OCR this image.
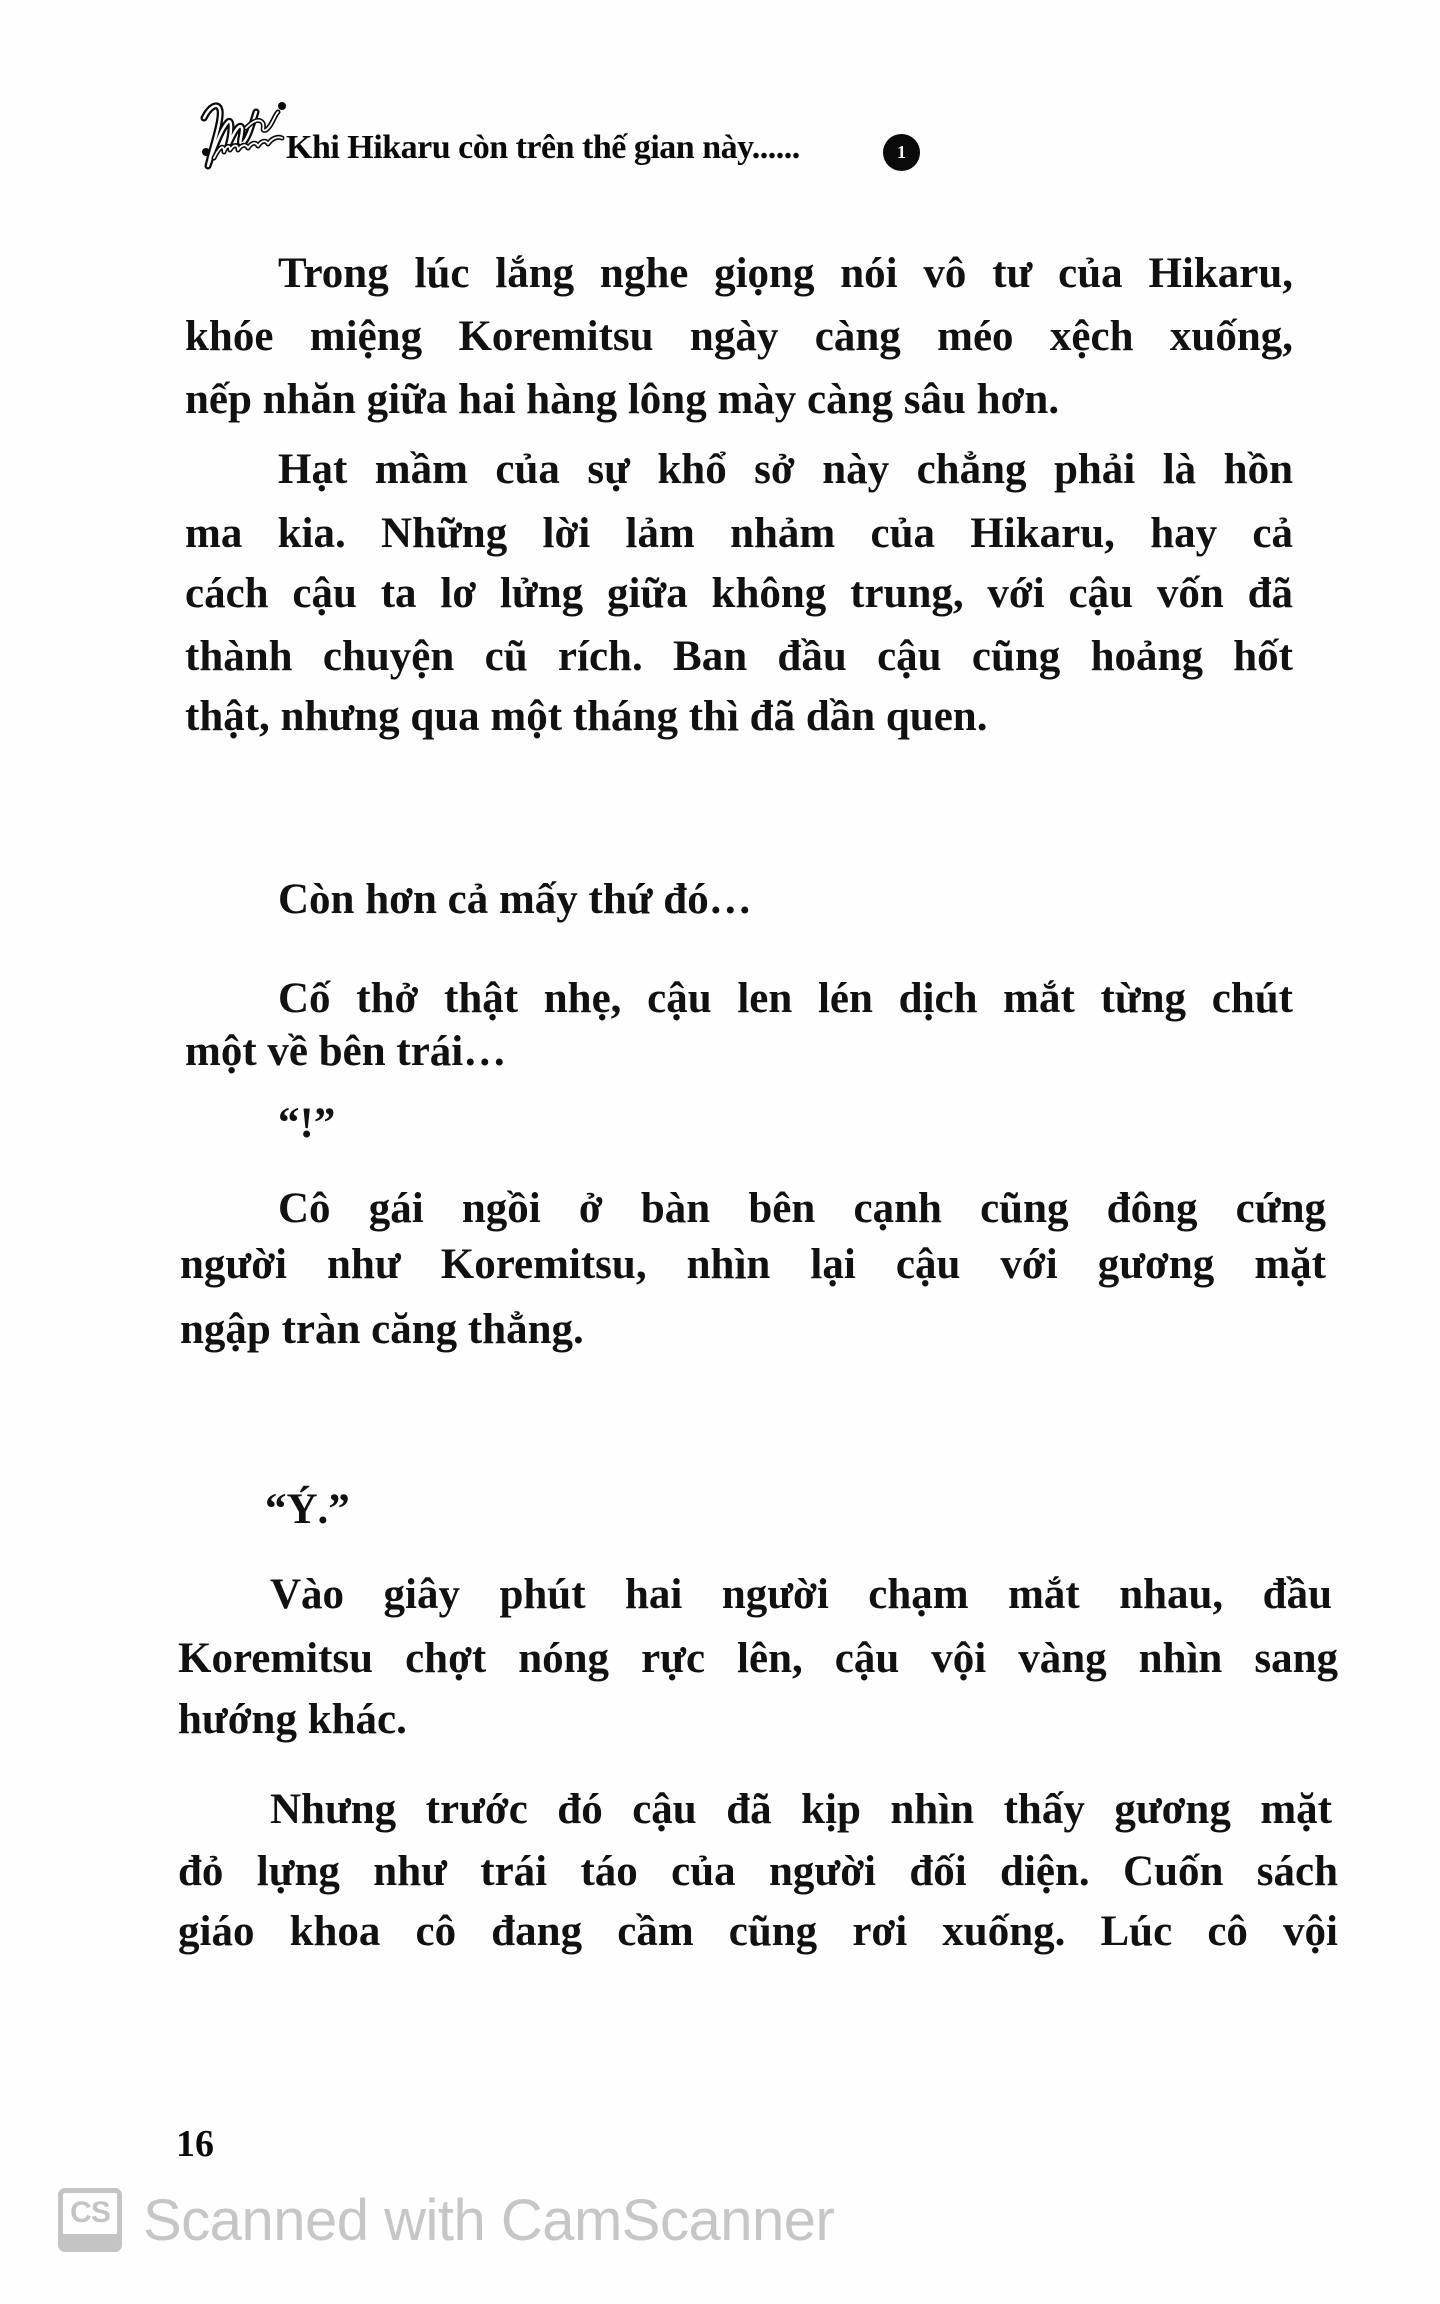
Khi Hikaru còn trên thế gian này......	1
Trong lúc lắng nghe giọng nói vô tư của Hikaru,
khóe miệng Koremitsu ngày càng méo xệch xuống,
nếp nhăn giữa hai hàng lông mày càng sâu hơn.
Hạt mầm của sự khổ sở này chẳng phải là hồn
ma kia. Những lời lảm nhảm của Hikaru, hay cả
cách cậu ta lơ lửng giữa không trung, với cậu vốn đã
thành chuyện cũ rích. Ban đầu cậu cũng hoảng hốt
thật, nhưng qua một tháng thì đã dần quen.
Còn hơn cả mấy thứ đó…
Cố thở thật nhẹ, cậu len lén dịch mắt từng chút
một về bên trái…
“!”
Cô gái ngồi ở bàn bên cạnh cũng đông cứng
người như Koremitsu, nhìn lại cậu với gương mặt
ngập tràn căng thẳng.
“Ý.”
Vào giây phút hai người chạm mắt nhau, đầu
Koremitsu chợt nóng rực lên, cậu vội vàng nhìn sang
hướng khác.
Nhưng trước đó cậu đã kịp nhìn thấy gương mặt
đỏ lựng như trái táo của người đối diện. Cuốn sách
giáo khoa cô đang cầm cũng rơi xuống. Lúc cô vội
16
CS Scanned with CamScanner
